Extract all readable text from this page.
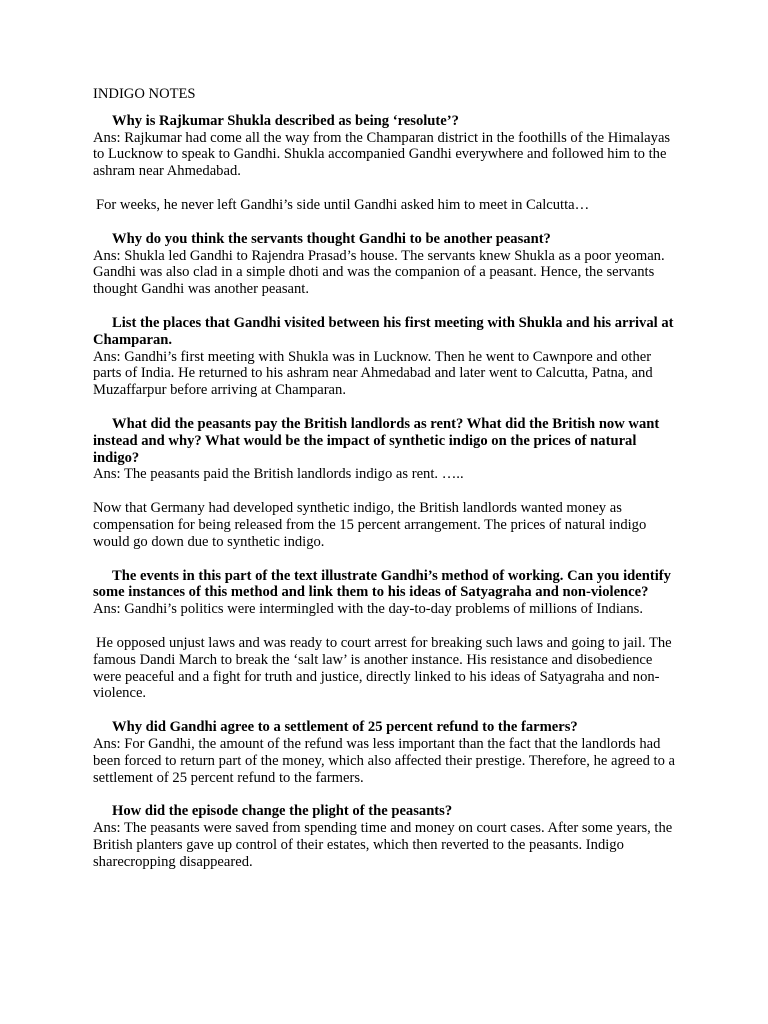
INDIGO NOTES

Why is Rajkumar Shukla described as being ‘resolute’?

Ans: Rajkumar had come all the way from the Champaran district in the foothills of the Himalayas to Lucknow to speak to Gandhi. Shukla accompanied Gandhi everywhere and followed him to the ashram near Ahmedabad.

For weeks, he never left Gandhi’s side until Gandhi asked him to meet in Calcutta…

Why do you think the servants thought Gandhi to be another peasant?

Ans: Shukla led Gandhi to Rajendra Prasad’s house. The servants knew Shukla as a poor yeoman. Gandhi was also clad in a simple dhoti and was the companion of a peasant. Hence, the servants thought Gandhi was another peasant.

List the places that Gandhi visited between his first meeting with Shukla and his arrival at Champaran.

Ans: Gandhi’s first meeting with Shukla was in Lucknow. Then he went to Cawnpore and other parts of India. He returned to his ashram near Ahmedabad and later went to Calcutta, Patna, and Muzaffarpur before arriving at Champaran.

What did the peasants pay the British landlords as rent? What did the British now want instead and why? What would be the impact of synthetic indigo on the prices of natural indigo?

Ans: The peasants paid the British landlords indigo as rent. …..

Now that Germany had developed synthetic indigo, the British landlords wanted money as compensation for being released from the 15 percent arrangement. The prices of natural indigo would go down due to synthetic indigo.

The events in this part of the text illustrate Gandhi’s method of working. Can you identify some instances of this method and link them to his ideas of Satyagraha and non-violence?

Ans: Gandhi’s politics were intermingled with the day-to-day problems of millions of Indians.

He opposed unjust laws and was ready to court arrest for breaking such laws and going to jail. The famous Dandi March to break the ‘salt law’ is another instance. His resistance and disobedience were peaceful and a fight for truth and justice, directly linked to his ideas of Satyagraha and non-violence.

Why did Gandhi agree to a settlement of 25 percent refund to the farmers?

Ans: For Gandhi, the amount of the refund was less important than the fact that the landlords had been forced to return part of the money, which also affected their prestige. Therefore, he agreed to a settlement of 25 percent refund to the farmers.

How did the episode change the plight of the peasants?

Ans: The peasants were saved from spending time and money on court cases. After some years, the British planters gave up control of their estates, which then reverted to the peasants. Indigo sharecropping disappeared.
